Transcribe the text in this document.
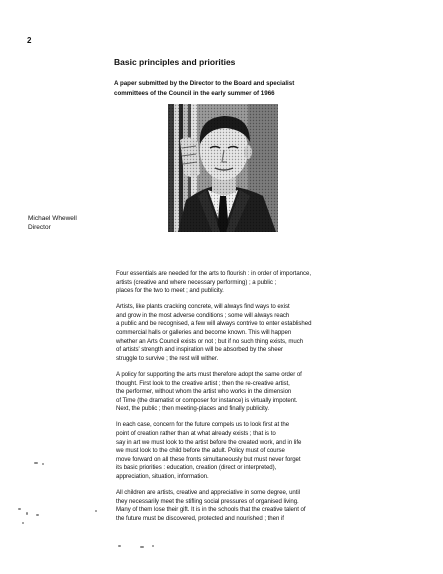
2
Basic principles and priorities
A paper submitted by the Director to the Board and specialist
committees of the Council in the early summer of 1966
Michael Whewell
Director

Four essentials are needed for the arts to flourish : in order of importance,
artists (creative and where necessary performing) ; a public ;
places for the two to meet ; and publicity.

Artists, like plants cracking concrete, will always find ways to exist
and grow in the most adverse conditions ; some will always reach
a public and be recognised, a few will always contrive to enter established
commercial halls or galleries and become known. This will happen
whether an Arts Council exists or not ; but if no such thing exists, much
of artists' strength and inspiration will be absorbed by the sheer
struggle to survive ; the rest will wither.

A policy for supporting the arts must therefore adopt the same order of
thought. First look to the creative artist ; then the re-creative artist,
the performer, without whom the artist who works in the dimension
of Time (the dramatist or composer for instance) is virtually impotent.
Next, the public ; then meeting-places and finally publicity.

In each case, concern for the future compels us to look first at the
point of creation rather than at what already exists ; that is to
say in art we must look to the artist before the created work, and in life
we must look to the child before the adult. Policy must of course
move forward on all these fronts simultaneously but must never forget
its basic priorities : education, creation (direct or interpreted),
appreciation, situation, information.

All children are artists, creative and appreciative in some degree, until
they necessarily meet the stifling social pressures of organised living.
Many of them lose their gift. It is in the schools that the creative talent of
the future must be discovered, protected and nourished ; then if
